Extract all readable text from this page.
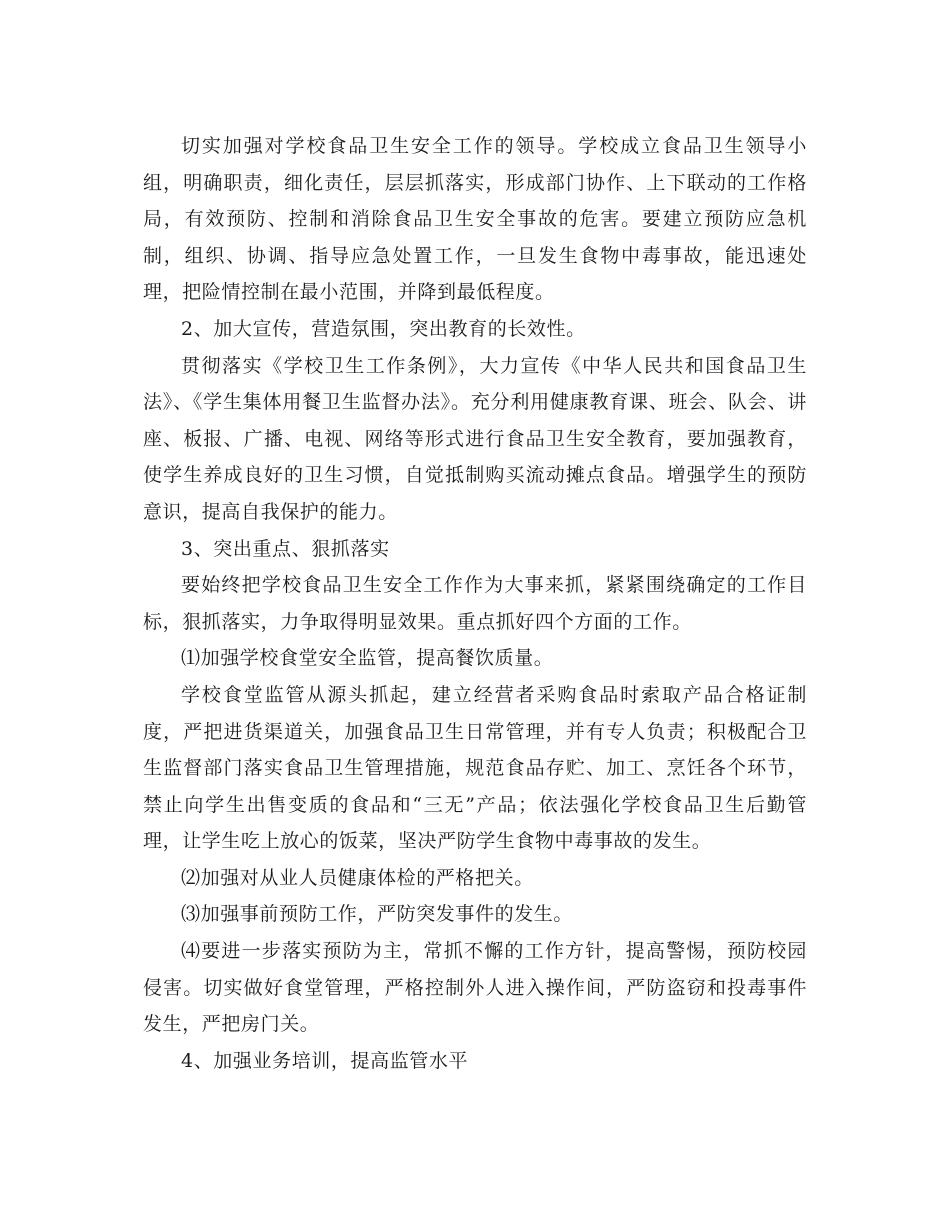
切实加强对学校食品卫生安全工作的领导。学校成立食品卫生领导小组，明确职责，细化责任，层层抓落实，形成部门协作、上下联动的工作格局，有效预防、控制和消除食品卫生安全事故的危害。要建立预防应急机制，组织、协调、指导应急处置工作，一旦发生食物中毒事故，能迅速处理，把险情控制在最小范围，并降到最低程度。

2、加大宣传，营造氛围，突出教育的长效性。

贯彻落实《学校卫生工作条例》，大力宣传《中华人民共和国食品卫生法》、《学生集体用餐卫生监督办法》。充分利用健康教育课、班会、队会、讲座、板报、广播、电视、网络等形式进行食品卫生安全教育，要加强教育，使学生养成良好的卫生习惯，自觉抵制购买流动摊点食品。增强学生的预防意识，提高自我保护的能力。

3、突出重点、狠抓落实

要始终把学校食品卫生安全工作作为大事来抓，紧紧围绕确定的工作目标，狠抓落实，力争取得明显效果。重点抓好四个方面的工作。

⑴加强学校食堂安全监管，提高餐饮质量。

学校食堂监管从源头抓起，建立经营者采购食品时索取产品合格证制度，严把进货渠道关，加强食品卫生日常管理，并有专人负责；积极配合卫生监督部门落实食品卫生管理措施，规范食品存贮、加工、烹饪各个环节，禁止向学生出售变质的食品和“三无”产品；依法强化学校食品卫生后勤管理，让学生吃上放心的饭菜，坚决严防学生食物中毒事故的发生。

⑵加强对从业人员健康体检的严格把关。

⑶加强事前预防工作，严防突发事件的发生。

⑷要进一步落实预防为主，常抓不懈的工作方针，提高警惕，预防校园侵害。切实做好食堂管理，严格控制外人进入操作间，严防盗窃和投毒事件发生，严把房门关。

4、加强业务培训，提高监管水平
